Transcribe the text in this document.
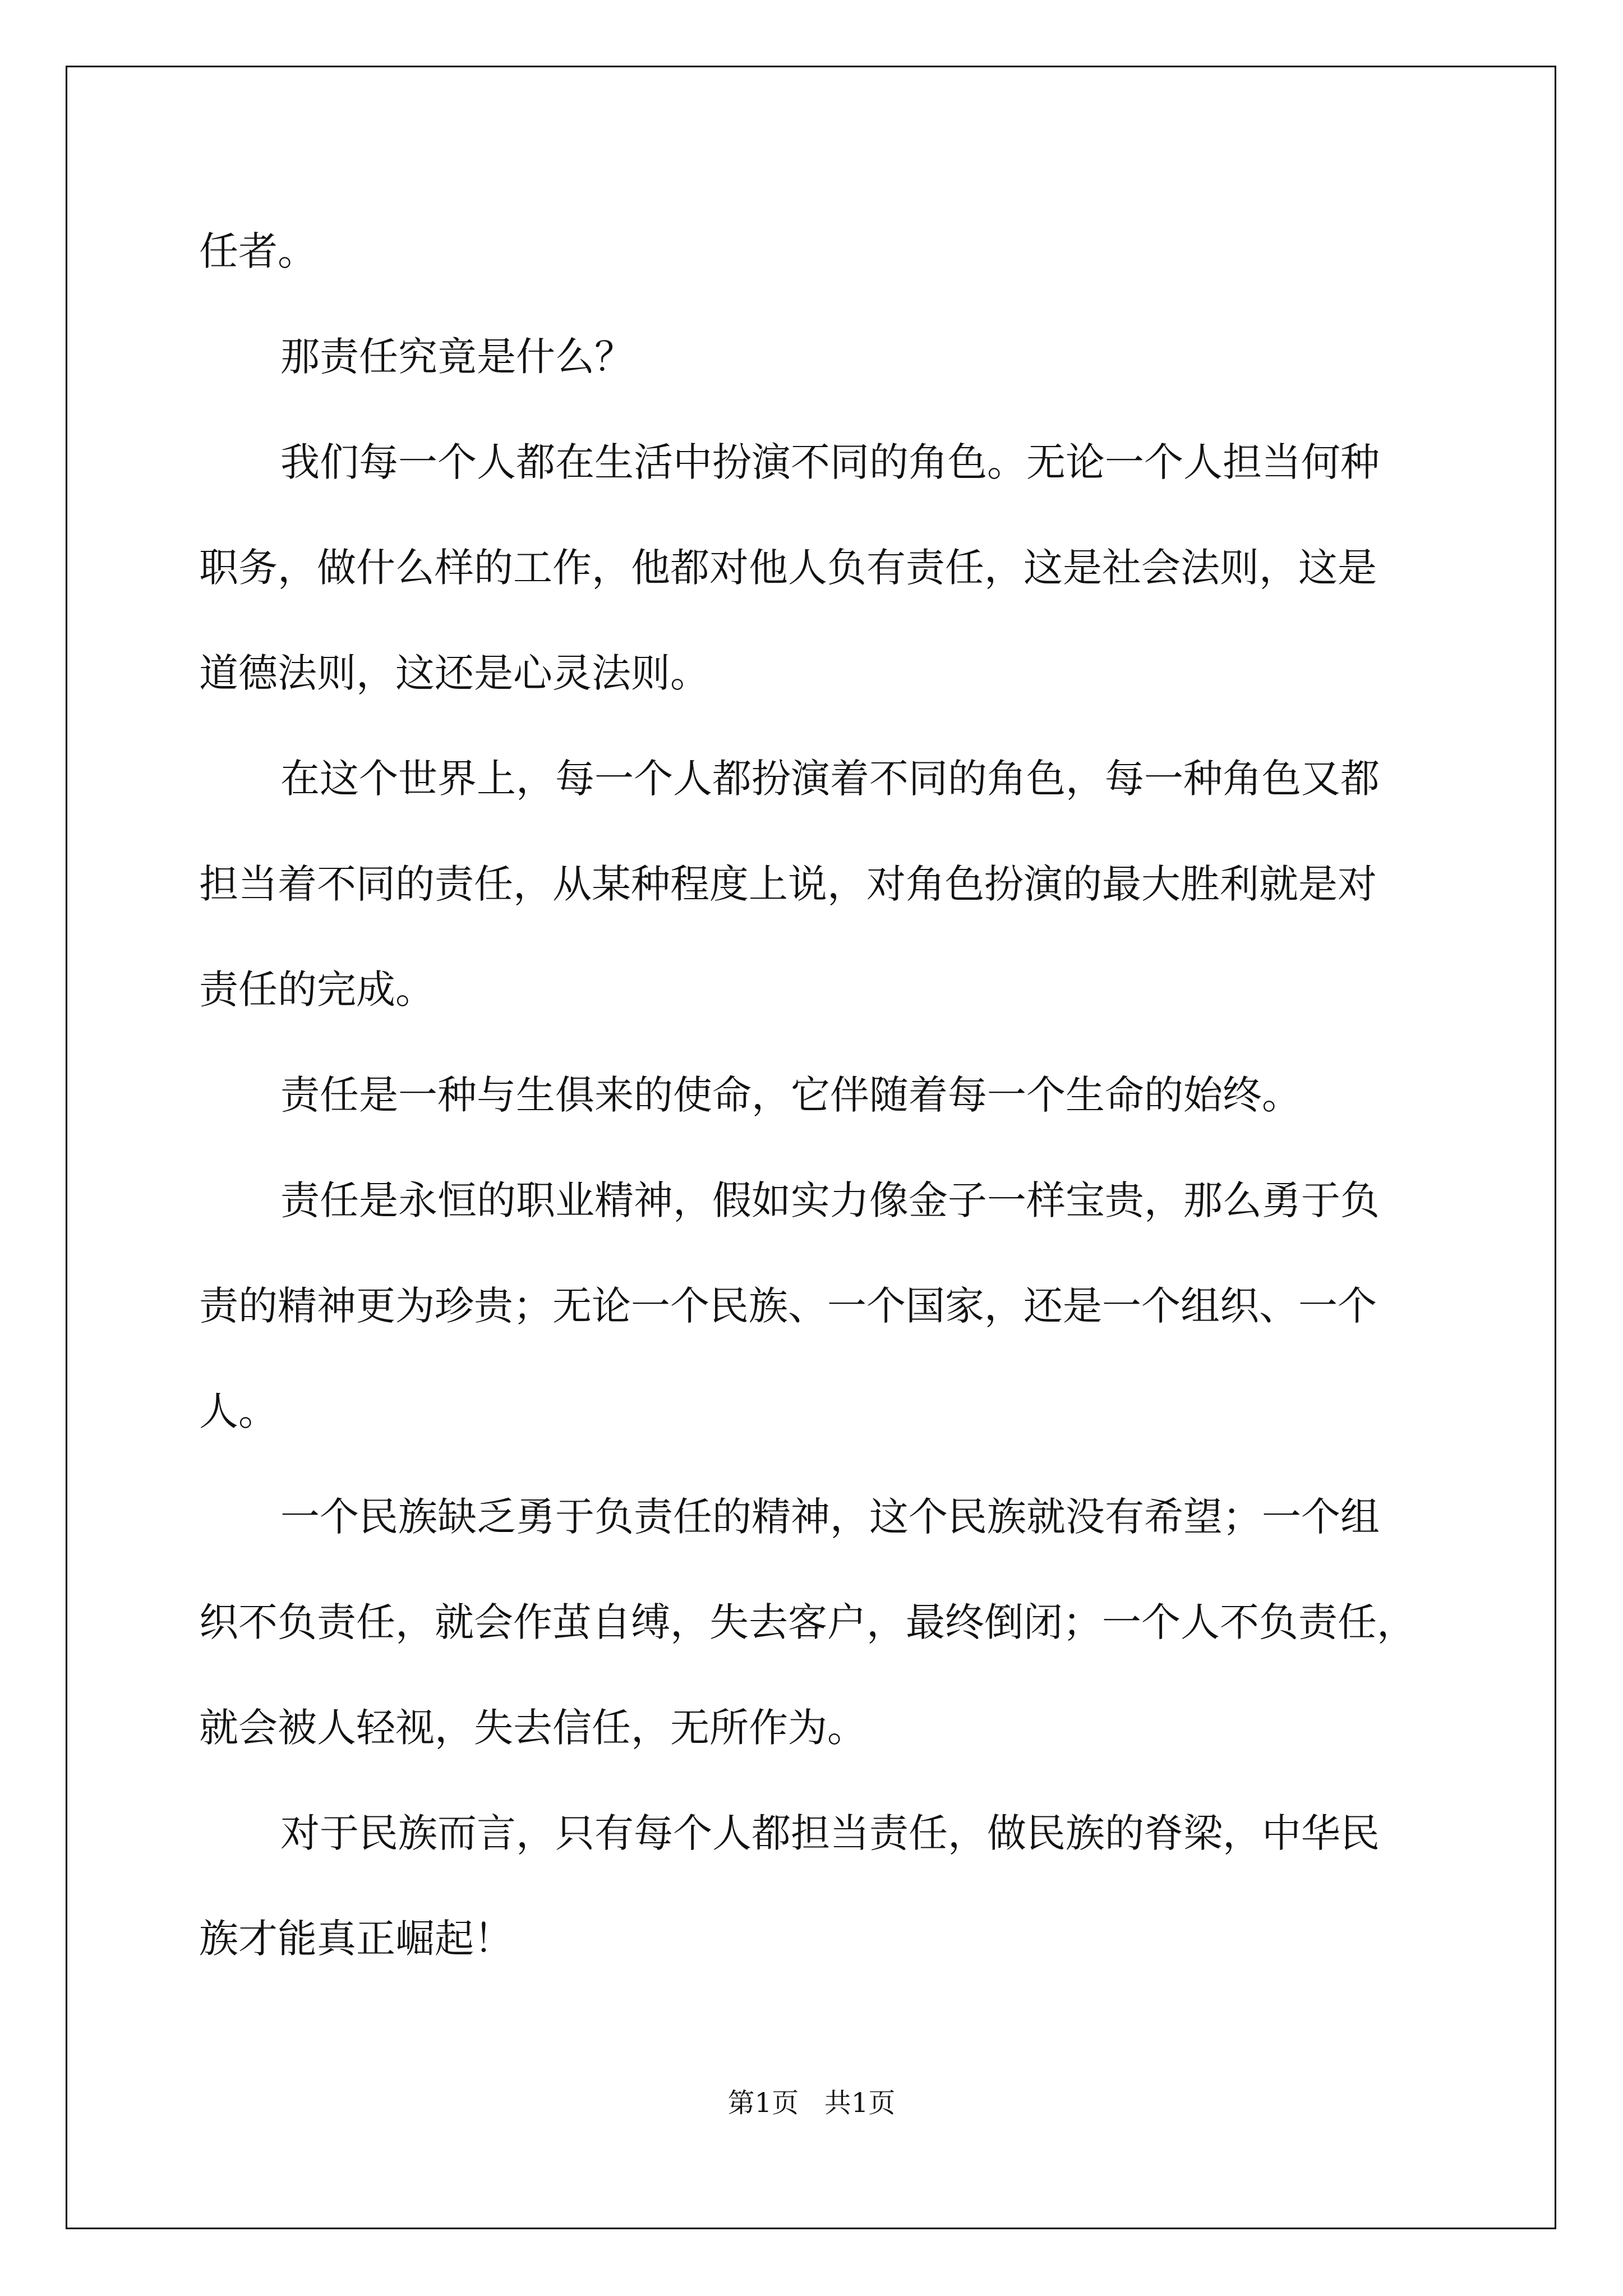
任者。
那责任究竟是什么？
我们每一个人都在生活中扮演不同的角色。无论一个人担当何种
职务，做什么样的工作，他都对他人负有责任，这是社会法则，这是
道德法则，这还是心灵法则。
在这个世界上，每一个人都扮演着不同的角色，每一种角色又都
担当着不同的责任，从某种程度上说，对角色扮演的最大胜利就是对
责任的完成。
责任是一种与生俱来的使命，它伴随着每一个生命的始终。
责任是永恒的职业精神，假如实力像金子一样宝贵，那么勇于负
责的精神更为珍贵；无论一个民族、一个国家，还是一个组织、一个
人。
一个民族缺乏勇于负责任的精神，这个民族就没有希望；一个组
织不负责任，就会作茧自缚，失去客户，最终倒闭；一个人不负责任，
就会被人轻视，失去信任，无所作为。
对于民族而言，只有每个人都担当责任，做民族的脊梁，中华民
族才能真正崛起！
第1页   共1页
